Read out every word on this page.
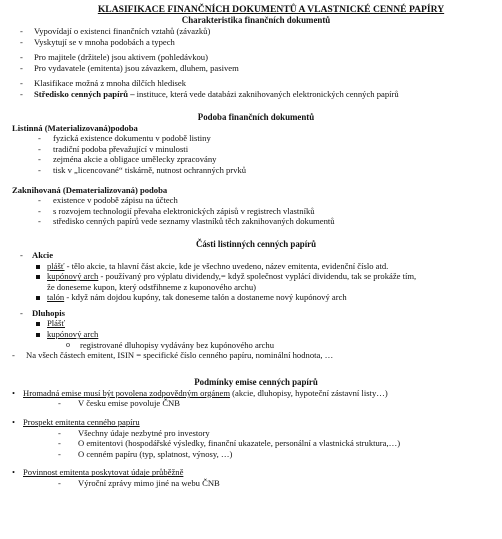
KLASIFIKACE FINANČNÍCH DOKUMENTŮ A VLASTNICKÉ CENNÉ PAPÍRY
Charakteristika finančních dokumentů
-	Vypovídají o existenci finančních vztahů (závazků)
-	Vyskytují se v mnoha podobách a typech
-	Pro majitele (držitele) jsou aktivem (pohledávkou)
-	Pro vydavatele (emitenta) jsou závazkem, dluhem, pasivem
-	Klasifikace možná z mnoha dílčích hledisek
-	Středisko cenných papírů – instituce, která vede databázi zaknihovaných elektronických cenných papírů
Podoba finančních dokumentů
Listinná (Materializovaná)podoba
-	fyzická existence dokumentu v podobě listiny
-	tradiční podoba převažující v minulosti
-	zejména akcie a obligace umělecky zpracovány
-	tisk v „licencované“ tiskárně, nutnost ochranných prvků
Zaknihovaná (Dematerializovaná) podoba
-	existence v podobě zápisu na účtech
-	s rozvojem technologií převaha elektronických zápisů v registrech vlastníků
-	středisko cenných papírů vede seznamy vlastníků těch zaknihovaných dokumentů
Části listinných cenných papírů
-	Akcie
plášť - tělo akcie, ta hlavní část akcie, kde je všechno uvedeno, název emitenta, evidenční číslo atd.
kupónový arch - používaný pro výplatu dividendy,= když společnost vyplácí dividendu, tak se prokáže tím,
že doneseme kupon, který odstřihneme z kuponového archu)
talón - když nám dojdou kupóny, tak doneseme talón a dostaneme nový kupónový arch
-	Dluhopis
Plášť
kupónový arch
o	registrované dluhopisy vydávány bez kupónového archu
-	Na všech částech emitent, ISIN = specifické číslo cenného papíru, nominální hodnota, …
Podmínky emise cenných papírů
• Hromadná emise musí být povolena zodpovědným orgánem (akcie, dluhopisy, hypoteční zástavní listy…)
-	V česku emise povoluje ČNB
• Prospekt emitenta cenného papíru
-	Všechny údaje nezbytné pro investory
-	O emitentovi (hospodářské výsledky, finanční ukazatele, personální a vlastnická struktura,…)
-	O cenném papíru (typ, splatnost, výnosy, …)
• Povinnost emitenta poskytovat údaje průběžně
-	Výroční zprávy mimo jiné na webu ČNB
